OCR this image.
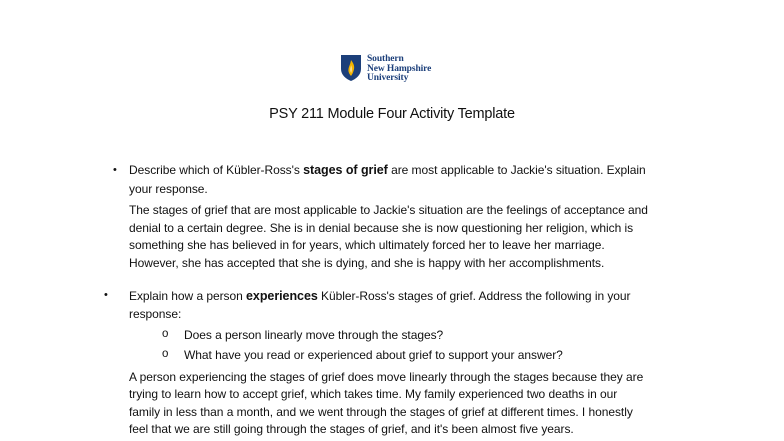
Southern
New Hampshire
University
PSY 211 Module Four Activity Template
• Describe which of Kübler-Ross's stages of grief are most applicable to Jackie's situation. Explain
your response.
The stages of grief that are most applicable to Jackie's situation are the feelings of acceptance and
denial to a certain degree. She is in denial because she is now questioning her religion, which is
something she has believed in for years, which ultimately forced her to leave her marriage.
However, she has accepted that she is dying, and she is happy with her accomplishments.
• Explain how a person experiences Kübler-Ross's stages of grief. Address the following in your
response:
o Does a person linearly move through the stages?
o What have you read or experienced about grief to support your answer?
A person experiencing the stages of grief does move linearly through the stages because they are
trying to learn how to accept grief, which takes time. My family experienced two deaths in our
family in less than a month, and we went through the stages of grief at different times. I honestly
feel that we are still going through the stages of grief, and it's been almost five years.
